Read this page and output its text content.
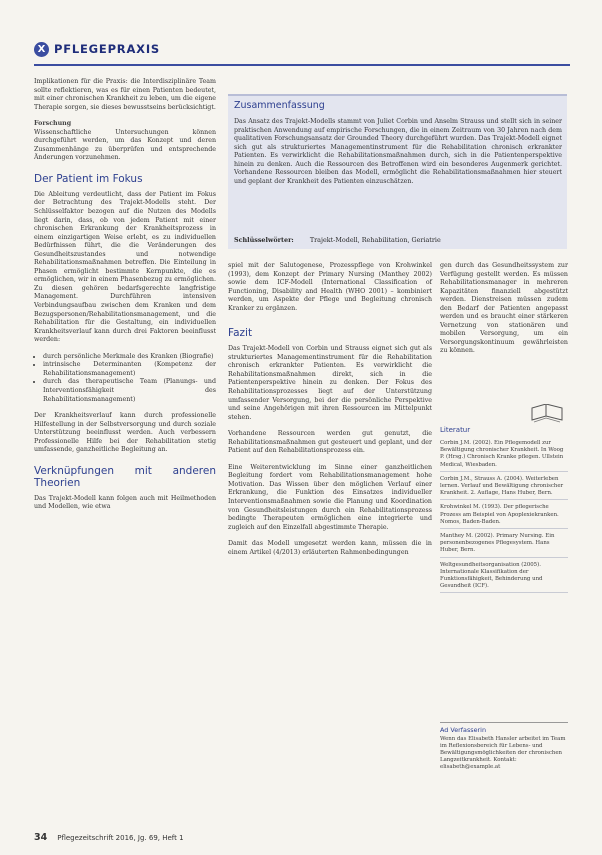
X PFLEGEPRAXIS

Implikationen für die Praxis: die Interdisziplinäre Team sollte reflektieren, was es für einen Patienten bedeutet, mit einer chronischen Krankheit zu leben, um die eigene Therapie sorgen, sie dieses bewusstseins berücksichtigt.

Forschung

Wissenschaftliche Untersuchungen können durchgeführt werden, um das Konzept und deren Zusammenhänge zu überprüfen und entsprechende Änderungen vorzunehmen.

Der Patient im Fokus

Die Ableitung verdeutlicht, dass der Patient im Fokus der Betrachtung des Trajekt-Modells steht. Der Schlüsselfaktor bezogen auf die Nutzen des Modells liegt darin, dass, ob von jedem Patient mit einer chronischen Erkrankung der Krankheitsprozess in einem einzigartigen Weise erlebt, es zu individuellen Bedürfnissen führt, die die Veränderungen des Gesundheitszustandes und notwendige Rehabilitationsmaßnahmen betreffen. Die Einteilung in Phasen ermöglicht bestimmte Kernpunkte, die es ermöglichen, wir in einem Phasenbezug zu ermöglichen. Zu diesen gehören bedarfsgerechte langfristige Management. Durchführen intensiven Verbindungsaufbau zwischen dem Kranken und dem Bezugspersonen/Rehabilitationsmanagement, und die Rehabilitation für die Gestaltung, ein individuellen Krankheitsverlauf kann durch drei Faktoren beeinflusst werden:

• durch persönliche Merkmale des Kranken (Biografie)
• intrinsische Determinanten (Kompetenz der Rehabilitationsmanagement)
• durch das therapeutische Team (Planungs- und Interventionsfähigkeit des Rehabilitationsmanagement)

Der Krankheitsverlauf kann durch professionelle Hilfestellung in der Selbstversorgung und durch soziale Unterstützung beeinflusst werden. Auch verbessern Professionelle Hilfe bei der Rehabilitation stetig umfassende, ganzheitliche Begleitung an.

Verknüpfungen mit anderen Theorien

Das Trajekt-Modell kann folgen auch mit Heilmethoden und Modellen, wie etwa

Zusammenfassung
Das Ansatz des Trajekt-Modells stammt von Juliet Corbin und Anselm Strauss und stellt sich in seiner praktischen Anwendung auf empirische Forschungen, die in einem Zeitraum von 30 Jahren nach dem qualitativen Forschungsansatz der Grounded Theory durchgeführt wurden. Das Trajekt-Modell eignet sich gut als strukturiertes Managementinstrument für die Rehabilitation chronisch erkrankter Patienten. Es verwirklicht die Rehabilitationsmaßnahmen durch, sich in die Patientenperspektive hinein zu denken. Auch die Ressourcen des Betroffenen wird ein besonderes Augenmerk gerichtet. Vorhandene Ressourcen bleiben das Modell, ermöglicht die Rehabilitationsmaßnahmen hier steuert und geplant der Krankheit des Patienten einzuschätzen.
Schlüsselwörter:	Trajekt-Modell, Rehabilitation, Geriatrie

spiel mit der Salutogenese, Prozesspflege von Krohwinkel (1993), dem Konzept der Primary Nursing (Manthey 2002) sowie dem ICF-Modell (International Classification of Functioning, Disability and Health (WHO 2001) – kombiniert werden, um Aspekte der Pflege und Begleitung chronisch Kranker zu ergänzen.

Fazit

Das Trajekt-Modell von Corbin und Strauss eignet sich gut als strukturiertes Managementinstrument für die Rehabilitation chronisch erkrankter Patienten. Es verwirklicht die Rehabilitationsmaßnahmen direkt, sich in die Patientenperspektive hinein zu denken. Der Fokus des Rehabilitationsprozesses liegt auf der Unterstützung umfassender Versorgung, bei der die persönliche Perspektive und seine Angehörigen mit ihren Ressourcen im Mittelpunkt stehen.

Vorhandene Ressourcen werden gut genutzt, die Rehabilitationsmaßnahmen gut gesteuert und geplant, und der Patient auf den Rehabilitationsprozess ein.

Eine Weiterentwicklung im Sinne einer ganzheitlichen Begleitung fordert vom Rehabilitationsmanagement hohe Motivation. Das Wissen über den möglichen Verlauf einer Erkrankung, die Funktion des Einsatzes individueller Interventionsmaßnahmen sowie die Planung und Koordination von Gesundheitsleistungen durch ein Rehabilitationsprozess bedingte Therapeuten ermöglichen eine integrierte und zugleich auf den Einzelfall abgestimmte Therapie.

Damit das Modell umgesetzt werden kann, müssen die in einem Artikel (4/2013) erläuterten Rahmenbedingungen

gen durch das Gesundheitssystem zur Verfügung gestellt werden. Es müssen Rehabilitationsmanager in mehreren Kapazitäten finanziell abgestützt werden. Dienstreisen müssen zudem den Bedarf der Patienten angepasst werden und es braucht einer stärkeren Vernetzung von stationären und mobilen Versorgung, um ein Versorgungskontinuum gewährleisten zu können.

Literatur
Corbin J.M. (2002). Ein Pflegemodell zur Bewältigung chronischer Krankheit. In Woog P. (Hrsg.) Chronisch Kranke pflegen. Ullstein Medical, Wiesbaden.
Corbin J.M., Strauss A. (2004). Weiterleben lernen. Verlauf und Bewältigung chronischer Krankheit. 2. Auflage, Hans Huber, Bern.
Krohwinkel M. (1993). Der pflegerische Prozess am Beispiel von Apoplexiekranken. Nomos, Baden-Baden.
Manthey M. (2002). Primary Nursing. Ein personenbezogenes Pflegesystem. Hans Huber, Bern.
Weltgesundheitsorganisation (2005). Internationale Klassifikation der Funktionsfähigkeit, Behinderung und Gesundheit (ICF).
Ad Verfasserin
Wenn das Elisabeth Hansler arbeitet im Team im Reflexionsbereich für Lebens- und Bewältigungsmöglichkeiten der chronischen Langzeitkrankheit. Kontakt: elisabeth@example.at
34 Pflegezeitschrift 2016, Jg. 69, Heft 1
